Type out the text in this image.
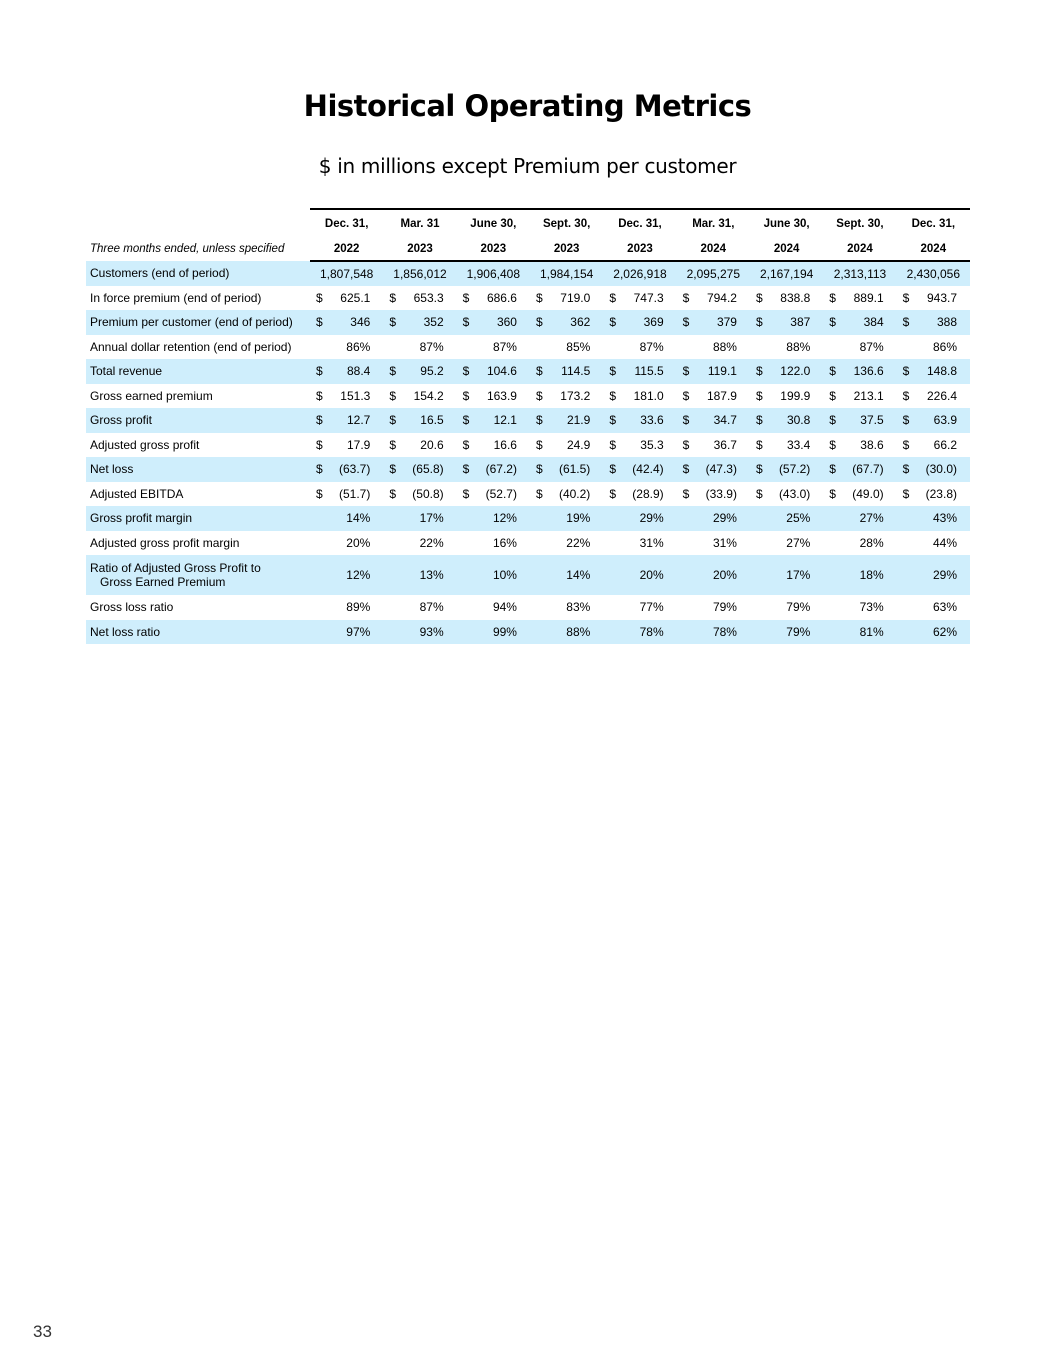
Historical Operating Metrics
$ in millions except Premium per customer
	Dec. 31,	Mar. 31	June 30,	Sept. 30,	Dec. 31,	Mar. 31,	June 30,	Sept. 30,	Dec. 31,
Three months ended, unless specified	2022	2023	2023	2023	2023	2024	2024	2024	2024
Customers (end of period)	1,807,548	1,856,012	1,906,408	1,984,154	2,026,918	2,095,275	2,167,194	2,313,113	2,430,056

In force premium (end of period)	$ 625.1	$ 653.3	$ 686.6	$ 719.0	$ 747.3	$ 794.2	$ 838.8	$ 889.1	$ 943.7

Premium per customer (end of period)	$ 346	$ 352	$ 360	$ 362	$ 369	$ 379	$ 387	$ 384	$ 388

Annual dollar retention (end of period)	86%	87%	87%	85%	87%	88%	88%	87%	86%

Total revenue	$ 88.4	$ 95.2	$ 104.6	$ 114.5	$ 115.5	$ 119.1	$ 122.0	$ 136.6	$ 148.8

Gross earned premium	$ 151.3	$ 154.2	$ 163.9	$ 173.2	$ 181.0	$ 187.9	$ 199.9	$ 213.1	$ 226.4

Gross profit	$ 12.7	$ 16.5	$ 12.1	$ 21.9	$ 33.6	$ 34.7	$ 30.8	$ 37.5	$ 63.9

Adjusted gross profit	$ 17.9	$ 20.6	$ 16.6	$ 24.9	$ 35.3	$ 36.7	$ 33.4	$ 38.6	$ 66.2

Net loss	$ (63.7)	$ (65.8)	$ (67.2)	$ (61.5)	$ (42.4)	$ (47.3)	$ (57.2)	$ (67.7)	$ (30.0)

Adjusted EBITDA	$ (51.7)	$ (50.8)	$ (52.7)	$ (40.2)	$ (28.9)	$ (33.9)	$ (43.0)	$ (49.0)	$ (23.8)

Gross profit margin	14%	17%	12%	19%	29%	29%	25%	27%	43%

Adjusted gross profit margin	20%	22%	16%	22%	31%	31%	27%	28%	44%

Ratio of Adjusted Gross Profit to
Gross Earned Premium	12%	13%	10%	14%	20%	20%	17%	18%	29%

Gross loss ratio	89%	87%	94%	83%	77%	79%	79%	73%	63%

Net loss ratio	97%	93%	99%	88%	78%	78%	79%	81%	62%
33
